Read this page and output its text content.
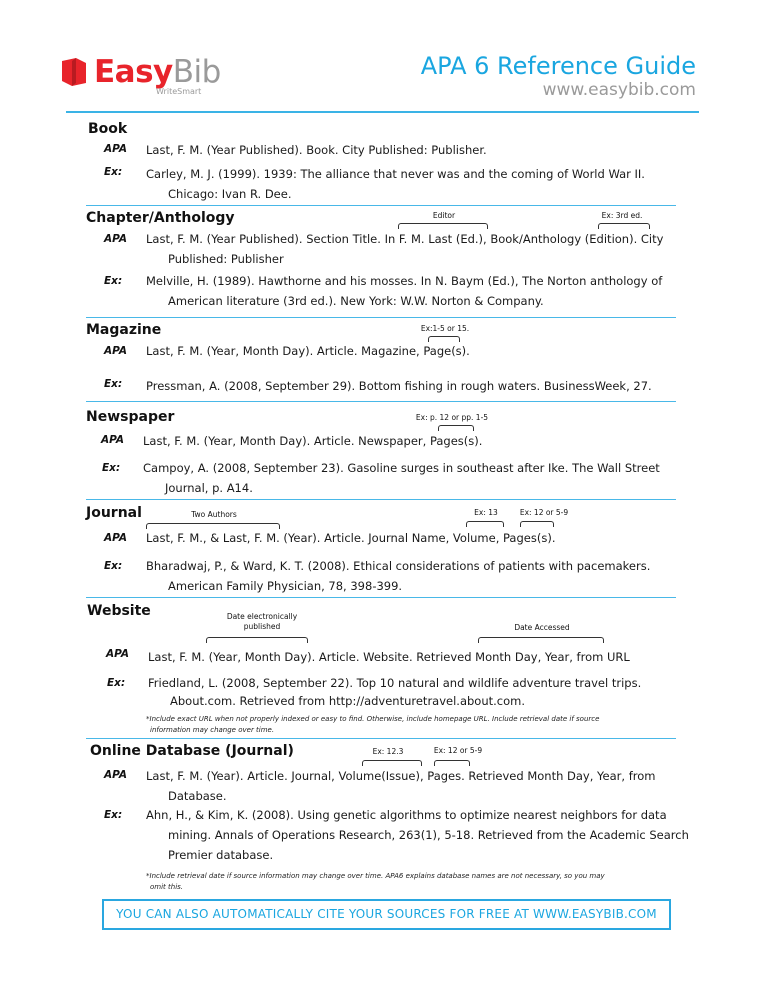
EasyBib
WriteSmart
APA 6 Reference Guide
www.easybib.com
Book
APA Last, F. M. (Year Published). Book. City Published: Publisher.
Ex: Carley, M. J. (1999). 1939: The alliance that never was and the coming of World War II.
Chicago: Ivan R. Dee.
Chapter/Anthology	Editor	Ex: 3rd ed.
APA Last, F. M. (Year Published). Section Title. In F. M. Last (Ed.), Book/Anthology (Edition). City
Published: Publisher
Ex: Melville, H. (1989). Hawthorne and his mosses. In N. Baym (Ed.), The Norton anthology of
American literature (3rd ed.). New York: W.W. Norton & Company.
Magazine	Ex:1-5 or 15.
APA Last, F. M. (Year, Month Day). Article. Magazine, Page(s).
Ex: Pressman, A. (2008, September 29). Bottom fishing in rough waters. BusinessWeek, 27.
Newspaper	Ex: p. 12 or pp. 1-5
APA Last, F. M. (Year, Month Day). Article. Newspaper, Pages(s).
Ex: Campoy, A. (2008, September 23). Gasoline surges in southeast after Ike. The Wall Street
Journal, p. A14.
Journal	Two Authors	Ex: 13	Ex: 12 or 5-9
APA Last, F. M., & Last, F. M. (Year). Article. Journal Name, Volume, Pages(s).
Ex: Bharadwaj, P., & Ward, K. T. (2008). Ethical considerations of patients with pacemakers.
American Family Physician, 78, 398-399.
Website	Date electronically
published	Date Accessed
APA Last, F. M. (Year, Month Day). Article. Website. Retrieved Month Day, Year, from URL
Ex: Friedland, L. (2008, September 22). Top 10 natural and wildlife adventure travel trips.
About.com. Retrieved from http://adventuretravel.about.com.
*Include exact URL when not properly indexed or easy to find. Otherwise, include homepage URL. Include retrieval date if source
information may change over time.
Online Database (Journal)	Ex: 12.3	Ex: 12 or 5-9
APA Last, F. M. (Year). Article. Journal, Volume(Issue), Pages. Retrieved Month Day, Year, from
Database.
Ex: Ahn, H., & Kim, K. (2008). Using genetic algorithms to optimize nearest neighbors for data
mining. Annals of Operations Research, 263(1), 5-18. Retrieved from the Academic Search
Premier database.
*Include retrieval date if source information may change over time. APA6 explains database names are not necessary, so you may
omit this.
YOU CAN ALSO AUTOMATICALLY CITE YOUR SOURCES FOR FREE AT WWW.EASYBIB.COM
